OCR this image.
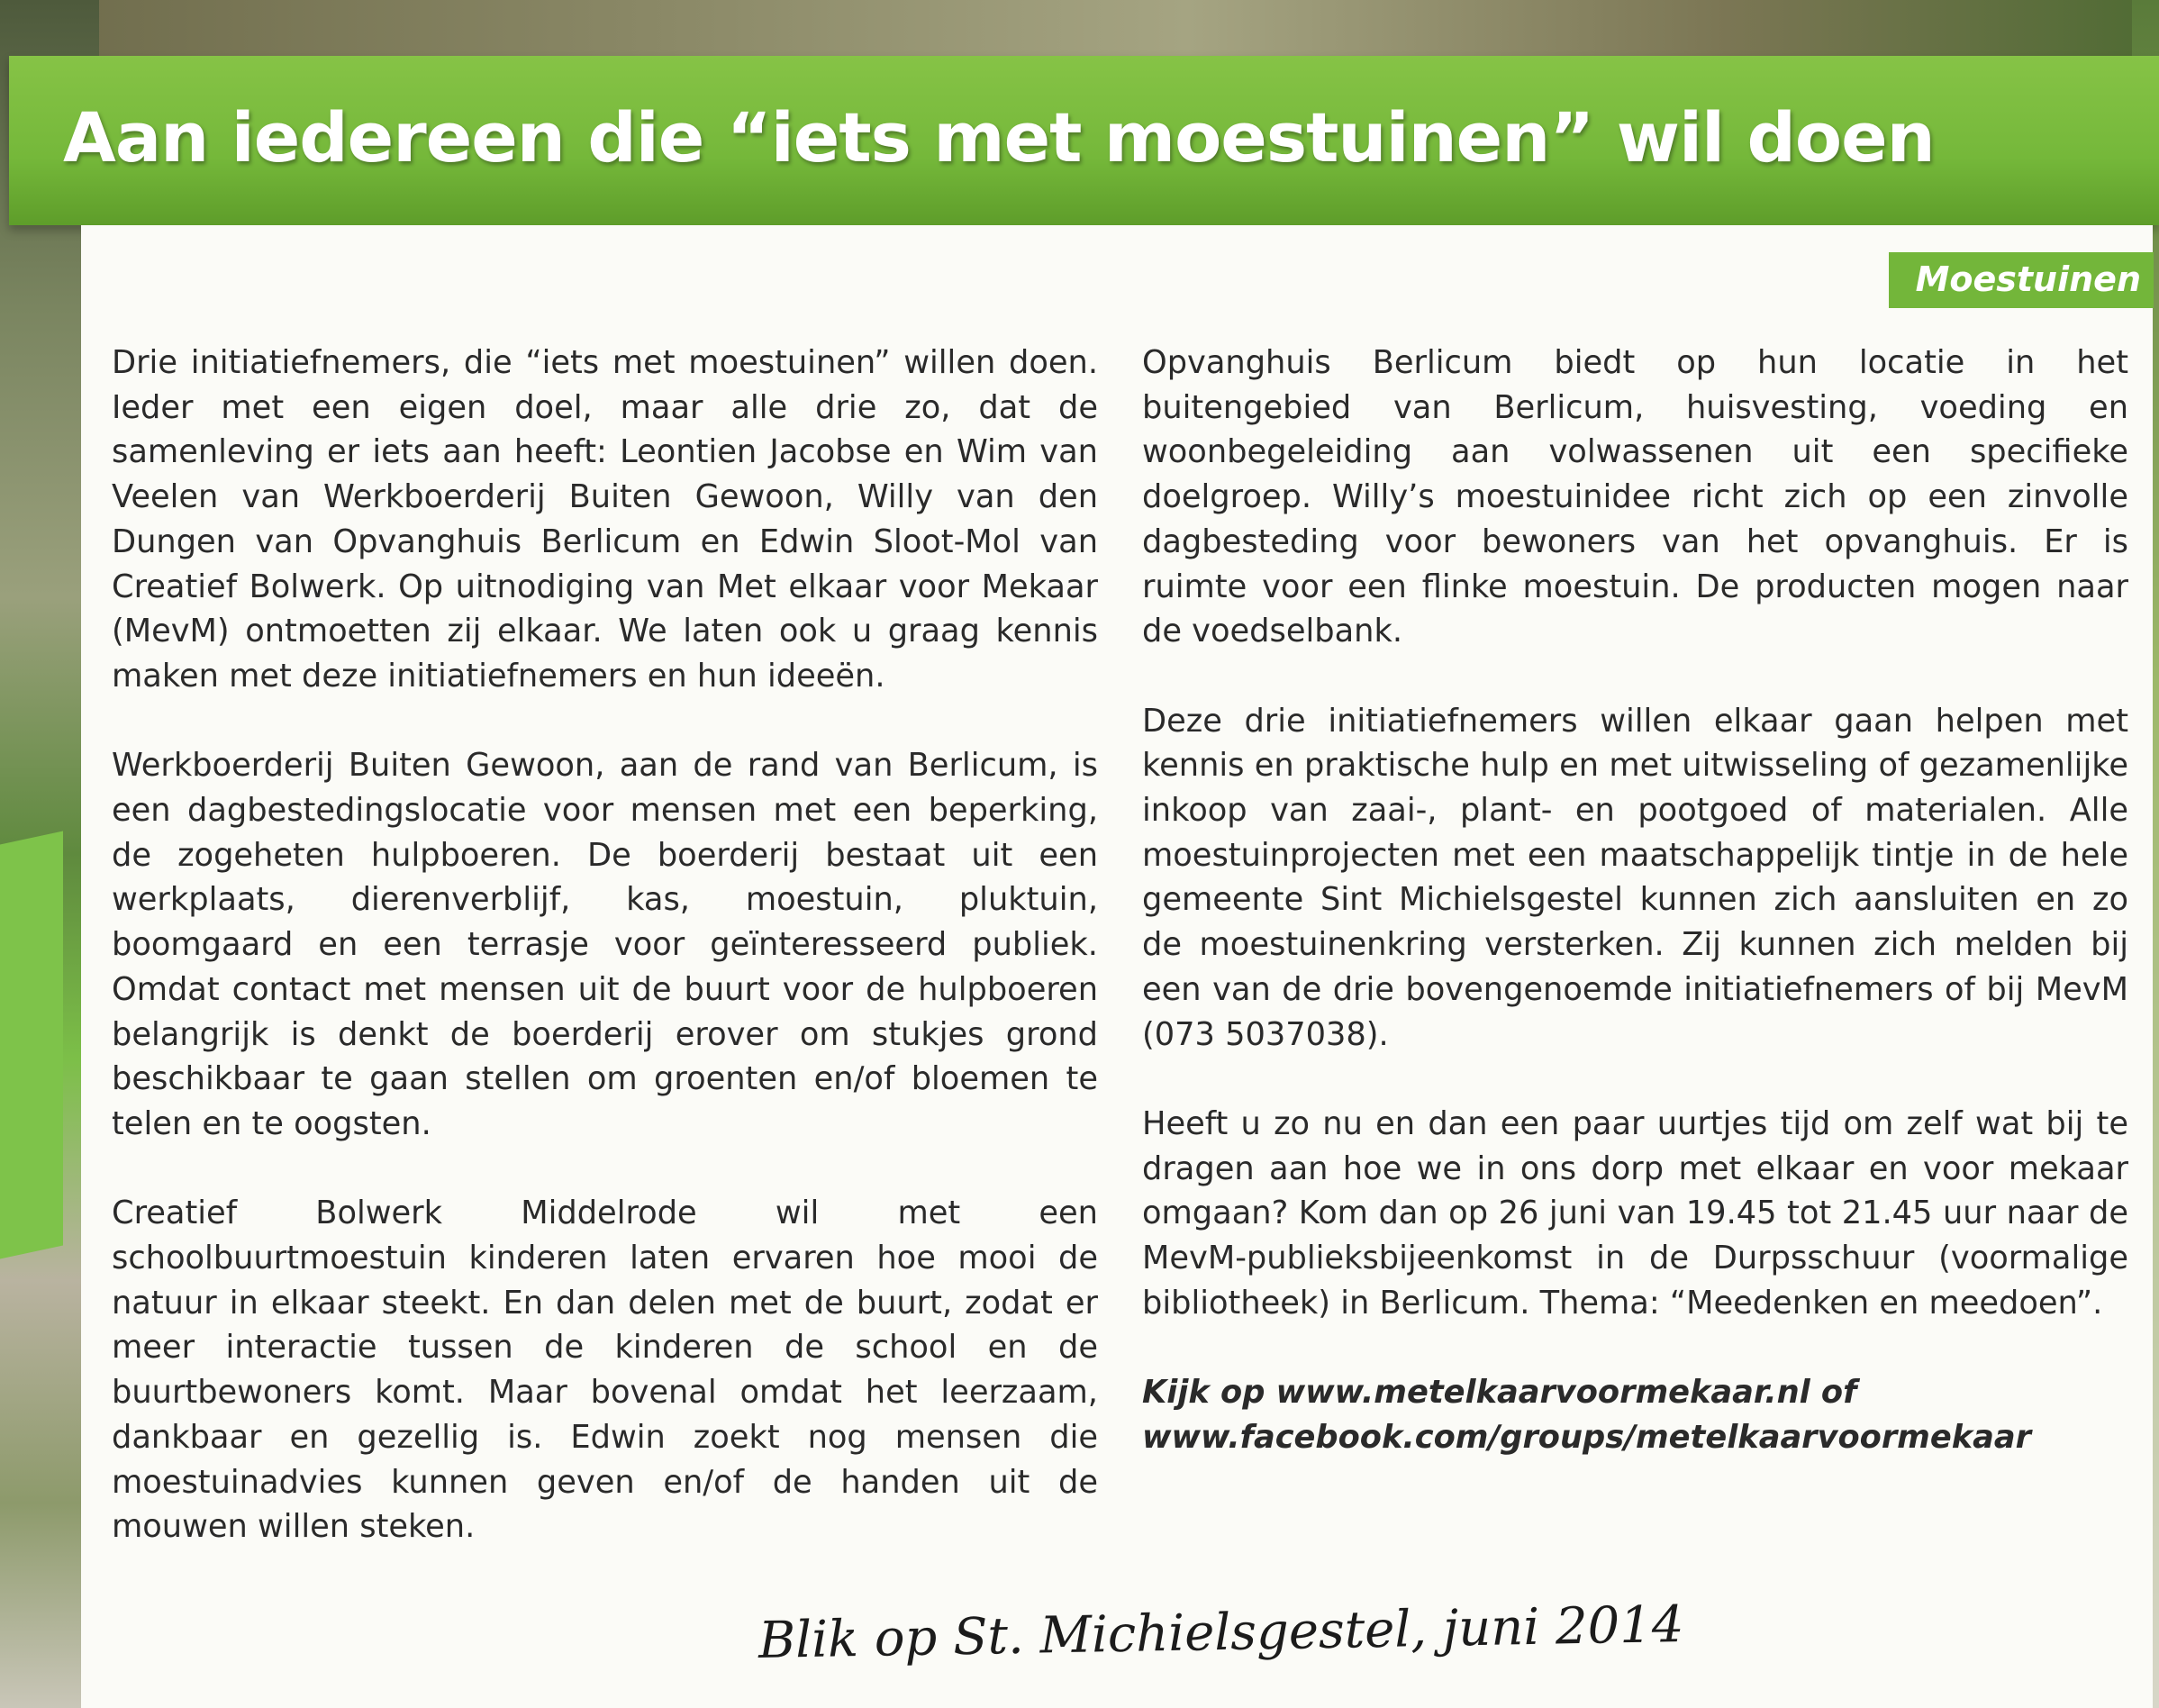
Aan iedereen die “iets met moestuinen” wil doen
Moestuinen

Drie initiatiefnemers, die “iets met moestuinen” willen doen. Ieder met een eigen doel, maar alle drie zo, dat de samenleving er iets aan heeft: Leontien Jacobse en Wim van Veelen van Werkboerderij Buiten Gewoon, Willy van den Dungen van Opvanghuis Berlicum en Edwin Sloot-Mol van Creatief Bolwerk. Op uitnodiging van Met elkaar voor Mekaar (MevM) ontmoetten zij elkaar. We laten ook u graag kennis maken met deze initiatiefnemers en hun ideeën.

Werkboerderij Buiten Gewoon, aan de rand van Berlicum, is een dagbestedingslocatie voor mensen met een beperking, de zogeheten hulpboeren. De boerderij bestaat uit een werkplaats, dierenverblijf, kas, moestuin, pluktuin, boomgaard en een terrasje voor geïnteresseerd publiek. Omdat contact met mensen uit de buurt voor de hulpboeren belangrijk is denkt de boerderij erover om stukjes grond beschikbaar te gaan stellen om groenten en/of bloemen te telen en te oogsten.

Creatief Bolwerk Middelrode wil met een schoolbuurtmoestuin kinderen laten ervaren hoe mooi de natuur in elkaar steekt. En dan delen met de buurt, zodat er meer interactie tussen de kinderen de school en de buurtbewoners komt. Maar bovenal omdat het leerzaam, dankbaar en gezellig is. Edwin zoekt nog mensen die moestuinadvies kunnen geven en/of de handen uit de mouwen willen steken.

Opvanghuis Berlicum biedt op hun locatie in het buitengebied van Berlicum, huisvesting, voeding en woonbegeleiding aan volwassenen uit een specifieke doelgroep. Willy’s moestuinidee richt zich op een zinvolle dagbesteding voor bewoners van het opvanghuis. Er is ruimte voor een flinke moestuin. De producten mogen naar de voedselbank.

Deze drie initiatiefnemers willen elkaar gaan helpen met kennis en praktische hulp en met uitwisseling of gezamenlijke inkoop van zaai-, plant- en pootgoed of materialen. Alle moestuinprojecten met een maatschappelijk tintje in de hele gemeente Sint Michielsgestel kunnen zich aansluiten en zo de moestuinenkring versterken. Zij kunnen zich melden bij een van de drie bovengenoemde initiatiefnemers of bij MevM (073 5037038).

Heeft u zo nu en dan een paar uurtjes tijd om zelf wat bij te dragen aan hoe we in ons dorp met elkaar en voor mekaar omgaan? Kom dan op 26 juni van 19.45 tot 21.45 uur naar de MevM-publieksbijeenkomst in de Durpsschuur (voormalige bibliotheek) in Berlicum. Thema: “Meedenken en meedoen”.

Kijk op www.metelkaarvoormekaar.nl of
www.facebook.com/groups/metelkaarvoormekaar

Blik op St. Michielsgestel, juni 2014
